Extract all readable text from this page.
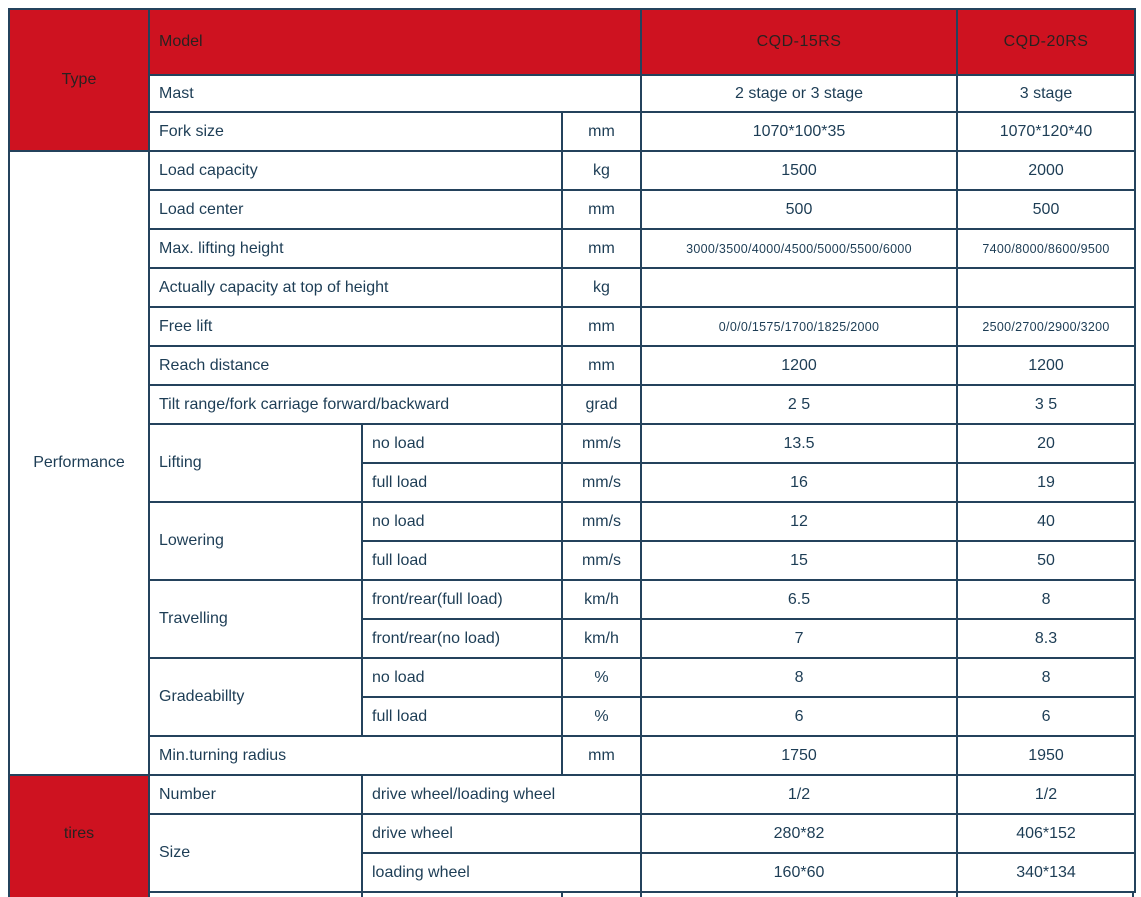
Type	Model			CQD-15RS	CQD-20RS
	Mast			2 stage or 3 stage	3 stage
	Fork size		mm	1070*100*35	1070*120*40
Performance	Load capacity		kg	1500	2000
	Load center		mm	500	500
	Max. lifting height		mm	3000/3500/4000/4500/5000/5500/6000	7400/8000/8600/9500
	Actually capacity at top of height		kg		
	Free lift		mm	0/0/0/1575/1700/1825/2000	2500/2700/2900/3200
	Reach distance		mm	1200	1200
	Tilt range/fork carriage forward/backward		grad	2 5	3 5
	Lifting	no load	mm/s	13.5	20
		full load	mm/s	16	19
	Lowering	no load	mm/s	12	40
		full load	mm/s	15	50
	Travelling	front/rear(full load)	km/h	6.5	8
		front/rear(no load)	km/h	7	8.3
	Gradeabillty	no load	%	8	8
		full load	%	6	6
	Min.turning radius		mm	1750	1950
tires	Number	drive wheel/loading wheel		1/2	1/2
	Size	drive wheel		280*82	406*152
		loading wheel		160*60	340*134
